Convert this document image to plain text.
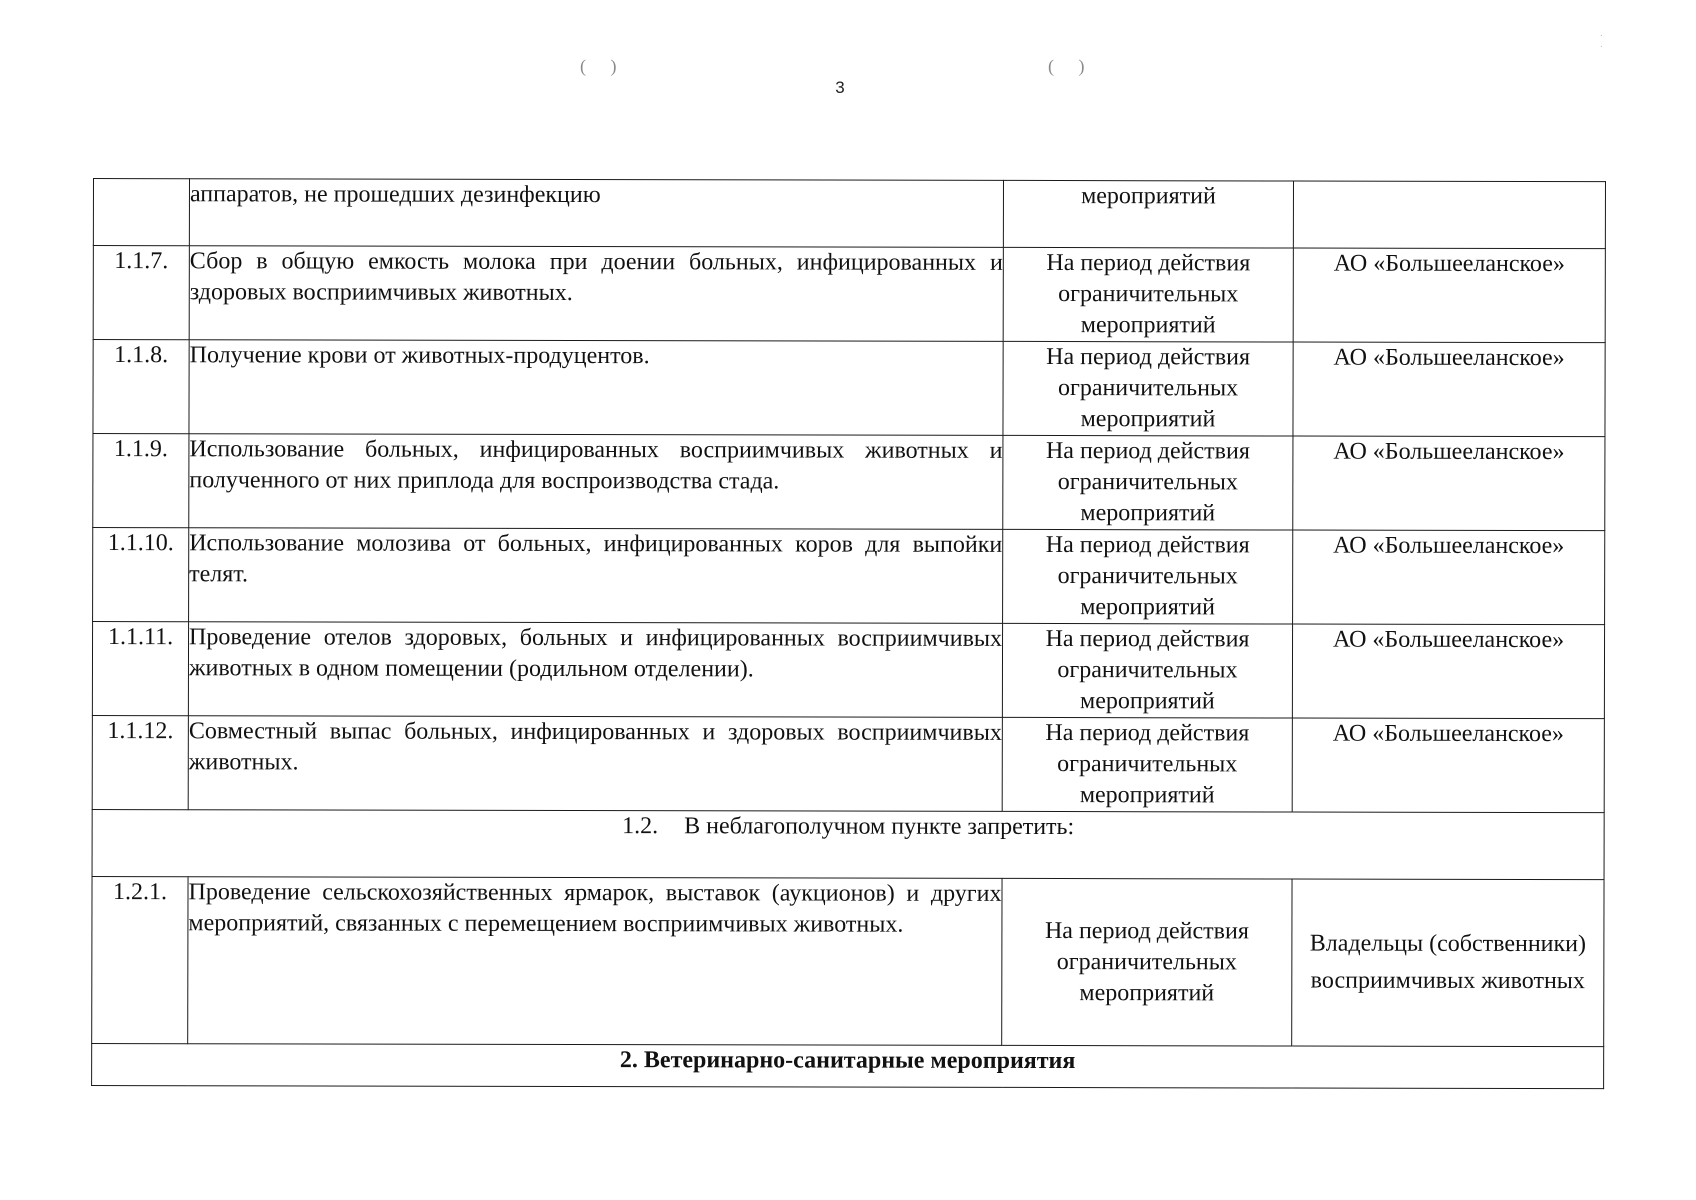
. .
( )	( )
3
	аппаратов, не прошедших дезинфекцию	мероприятий	
1.1.7.	Сбор в общую емкость молока при доении больных, инфицированных и здоровых восприимчивых животных.	На период действия ограничительных мероприятий	АО «Большееланское»
1.1.8.	Получение крови от животных-продуцентов.	На период действия ограничительных мероприятий	АО «Большееланское»
1.1.9.	Использование больных, инфицированных восприимчивых животных и полученного от них приплода для воспроизводства стада.	На период действия ограничительных мероприятий	АО «Большееланское»
1.1.10.	Использование молозива от больных, инфицированных коров для выпойки телят.	На период действия ограничительных мероприятий	АО «Большееланское»
1.1.11.	Проведение отелов здоровых, больных и инфицированных восприимчивых животных в одном помещении (родильном отделении).	На период действия ограничительных мероприятий	АО «Большееланское»
1.1.12.	Совместный выпас больных, инфицированных и здоровых восприимчивых животных.	На период действия ограничительных мероприятий	АО «Большееланское»
1.2. В неблагополучном пункте запретить:			
1.2.1.	Проведение сельскохозяйственных ярмарок, выставок (аукционов) и других мероприятий, связанных с перемещением восприимчивых животных.	На период действия ограничительных мероприятий	Владельцы (собственники) восприимчивых животных
2. Ветеринарно-санитарные мероприятия			
